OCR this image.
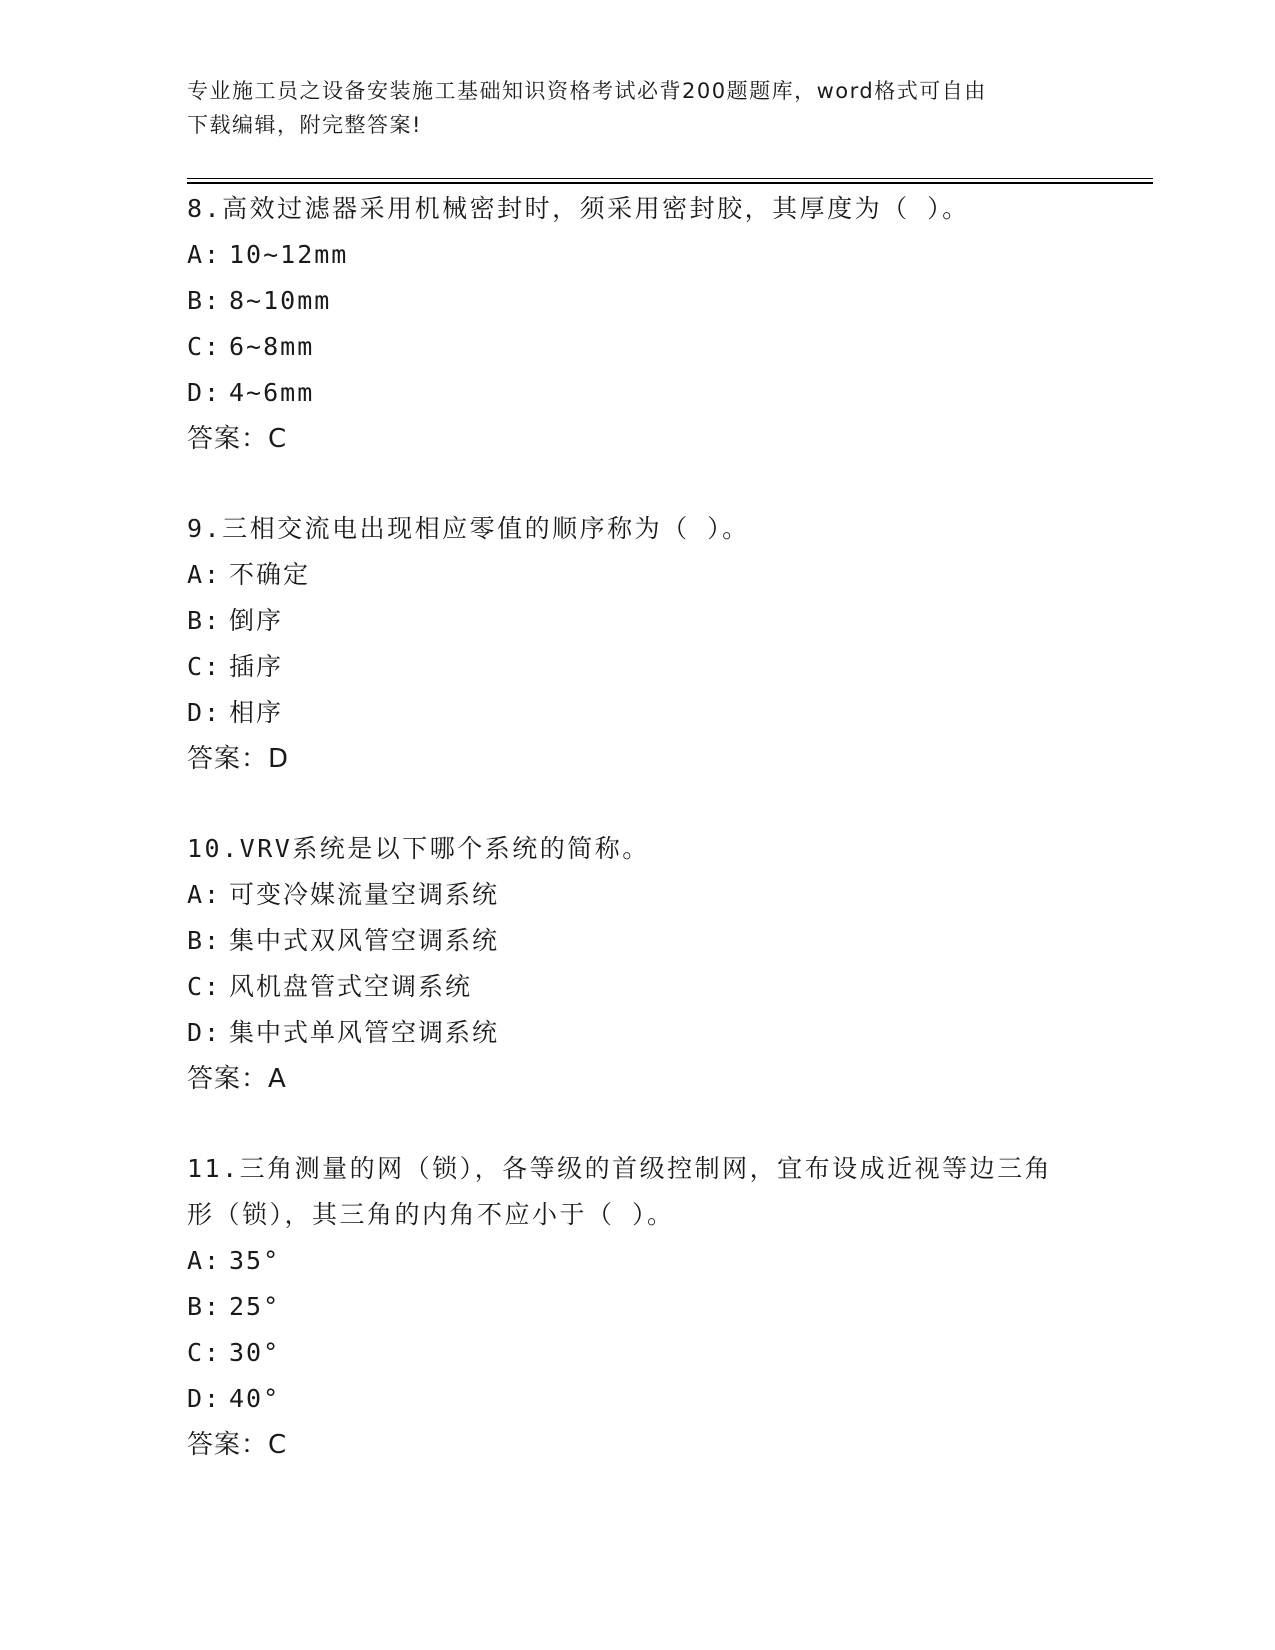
专业施工员之设备安装施工基础知识资格考试必背200题题库，word格式可自由
下载编辑，附完整答案!

8.高效过滤器采用机械密封时，须采用密封胶，其厚度为（ ）。

A: 10~12mm
B: 8~10mm
C: 6~8mm
D: 4~6mm

答案：C

9.三相交流电出现相应零值的顺序称为（ ）。

A: 不确定
B: 倒序
C: 插序
D: 相序

答案：D

10.VRV系统是以下哪个系统的简称。

A: 可变冷媒流量空调系统
B: 集中式双风管空调系统
C: 风机盘管式空调系统
D: 集中式单风管空调系统

答案：A

11.三角测量的网（锁），各等级的首级控制网，宜布设成近视等边三角形（锁），其三角的内角不应小于（ ）。

A: 35°
B: 25°
C: 30°
D: 40°

答案：C
